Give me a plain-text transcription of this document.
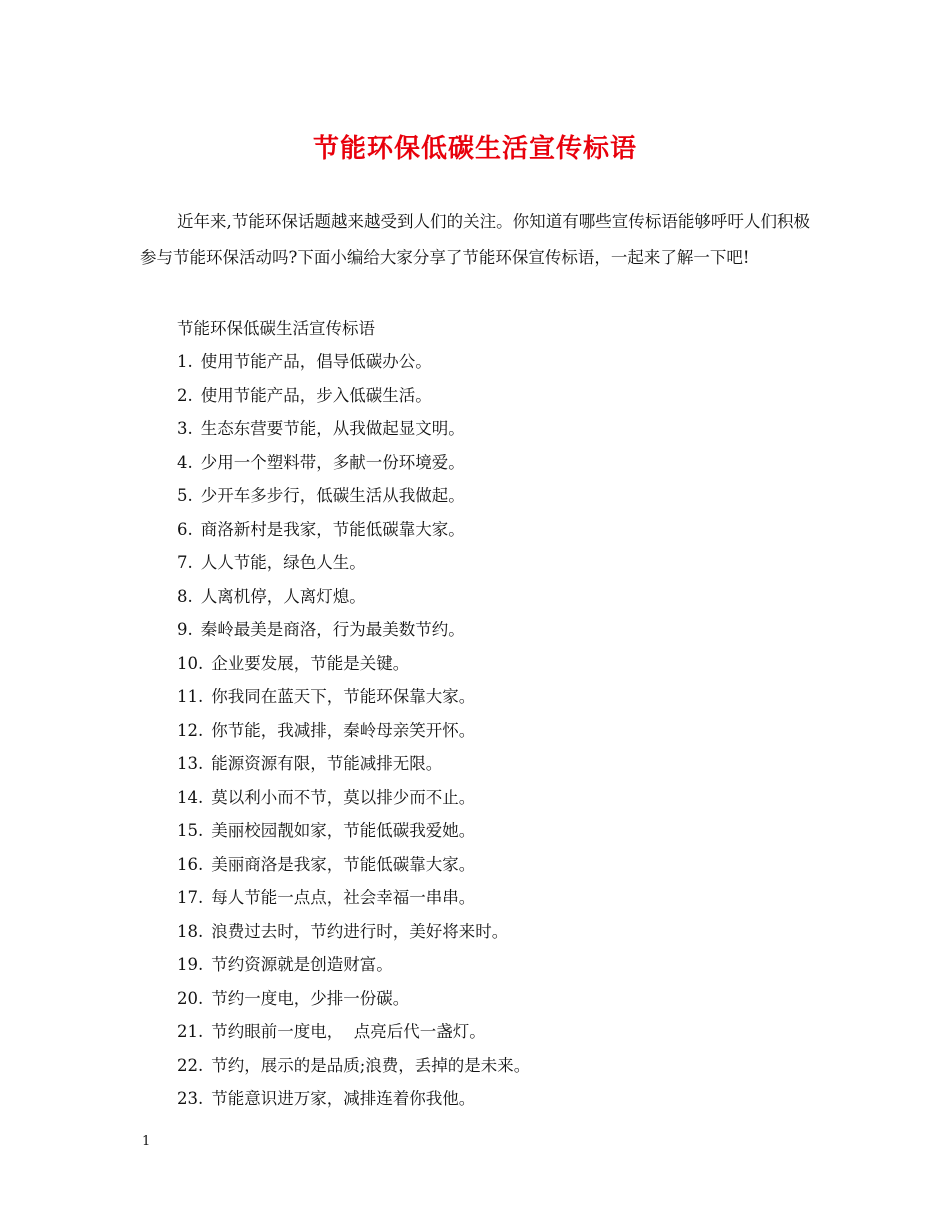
节能环保低碳生活宣传标语

近年来,节能环保话题越来越受到人们的关注。你知道有哪些宣传标语能够呼吁人们积极参与节能环保活动吗?下面小编给大家分享了节能环保宣传标语，一起来了解一下吧!

节能环保低碳生活宣传标语

1. 使用节能产品，倡导低碳办公。
2. 使用节能产品，步入低碳生活。
3. 生态东营要节能，从我做起显文明。
4. 少用一个塑料带，多献一份环境爱。
5. 少开车多步行，低碳生活从我做起。
6. 商洛新村是我家，节能低碳靠大家。
7. 人人节能，绿色人生。
8. 人离机停，人离灯熄。
9. 秦岭最美是商洛，行为最美数节约。
10. 企业要发展，节能是关键。
11. 你我同在蓝天下，节能环保靠大家。
12. 你节能，我减排，秦岭母亲笑开怀。
13. 能源资源有限，节能减排无限。
14. 莫以利小而不节，莫以排少而不止。
15. 美丽校园靓如家，节能低碳我爱她。
16. 美丽商洛是我家，节能低碳靠大家。
17. 每人节能一点点，社会幸福一串串。
18. 浪费过去时，节约进行时，美好将来时。
19. 节约资源就是创造财富。
20. 节约一度电，少排一份碳。
21. 节约眼前一度电，  点亮后代一盏灯。
22. 节约，展示的是品质;浪费，丢掉的是未来。
23. 节能意识进万家，减排连着你我他。

1
